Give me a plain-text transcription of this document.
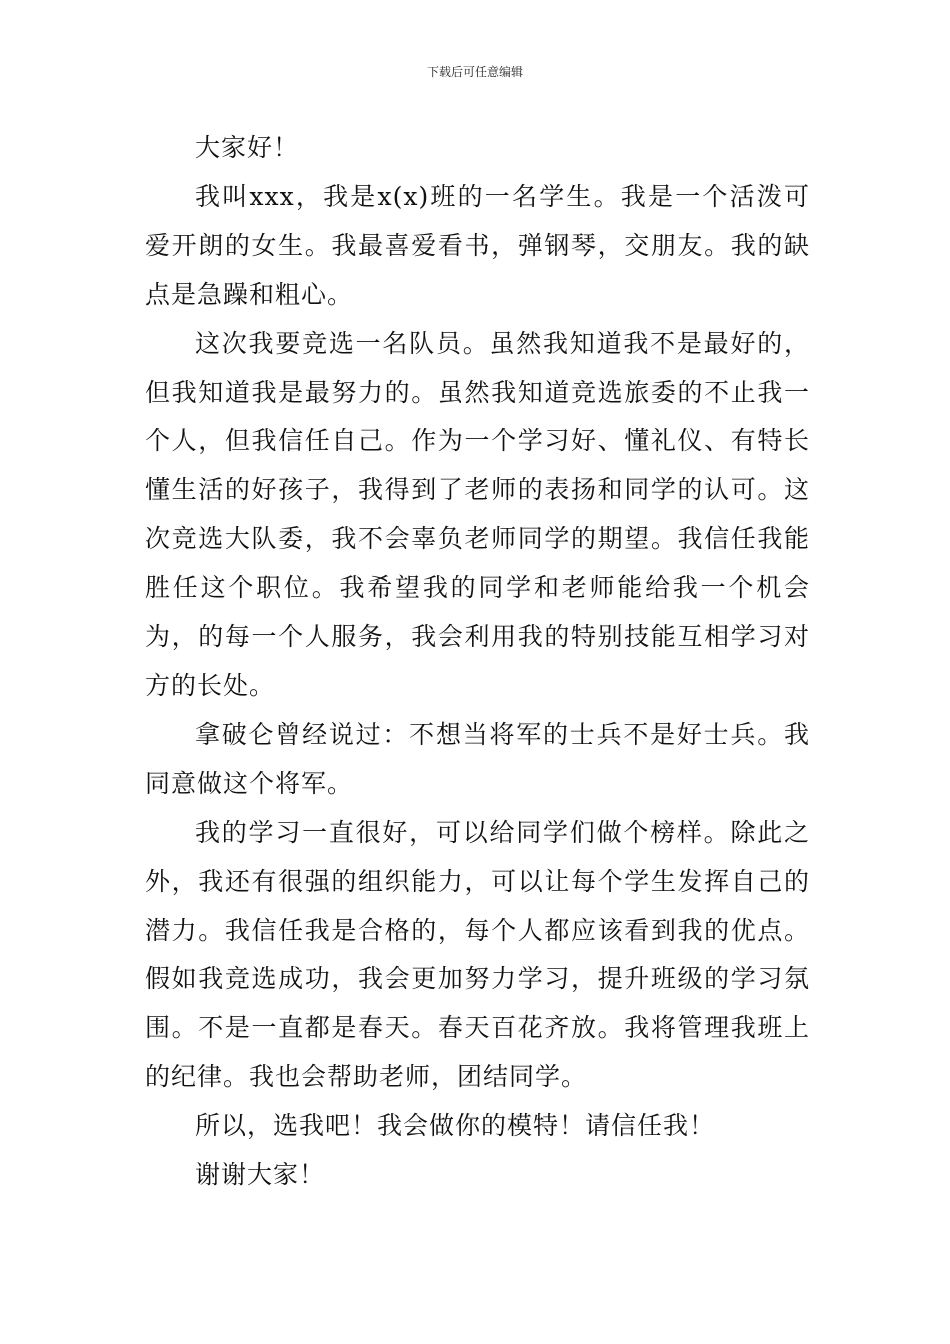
下载后可任意编辑

大家好！

我叫xxx，我是x(x)班的一名学生。我是一个活泼可爱开朗的女生。我最喜爱看书，弹钢琴，交朋友。我的缺点是急躁和粗心。

这次我要竞选一名队员。虽然我知道我不是最好的，但我知道我是最努力的。虽然我知道竞选旅委的不止我一个人，但我信任自己。作为一个学习好、懂礼仪、有特长懂生活的好孩子，我得到了老师的表扬和同学的认可。这次竞选大队委，我不会辜负老师同学的期望。我信任我能胜任这个职位。我希望我的同学和老师能给我一个机会为，的每一个人服务，我会利用我的特别技能互相学习对方的长处。

拿破仑曾经说过：不想当将军的士兵不是好士兵。我同意做这个将军。

我的学习一直很好，可以给同学们做个榜样。除此之外，我还有很强的组织能力，可以让每个学生发挥自己的潜力。我信任我是合格的，每个人都应该看到我的优点。假如我竞选成功，我会更加努力学习，提升班级的学习氛围。不是一直都是春天。春天百花齐放。我将管理我班上的纪律。我也会帮助老师，团结同学。

所以，选我吧！我会做你的模特！请信任我！

谢谢大家！
